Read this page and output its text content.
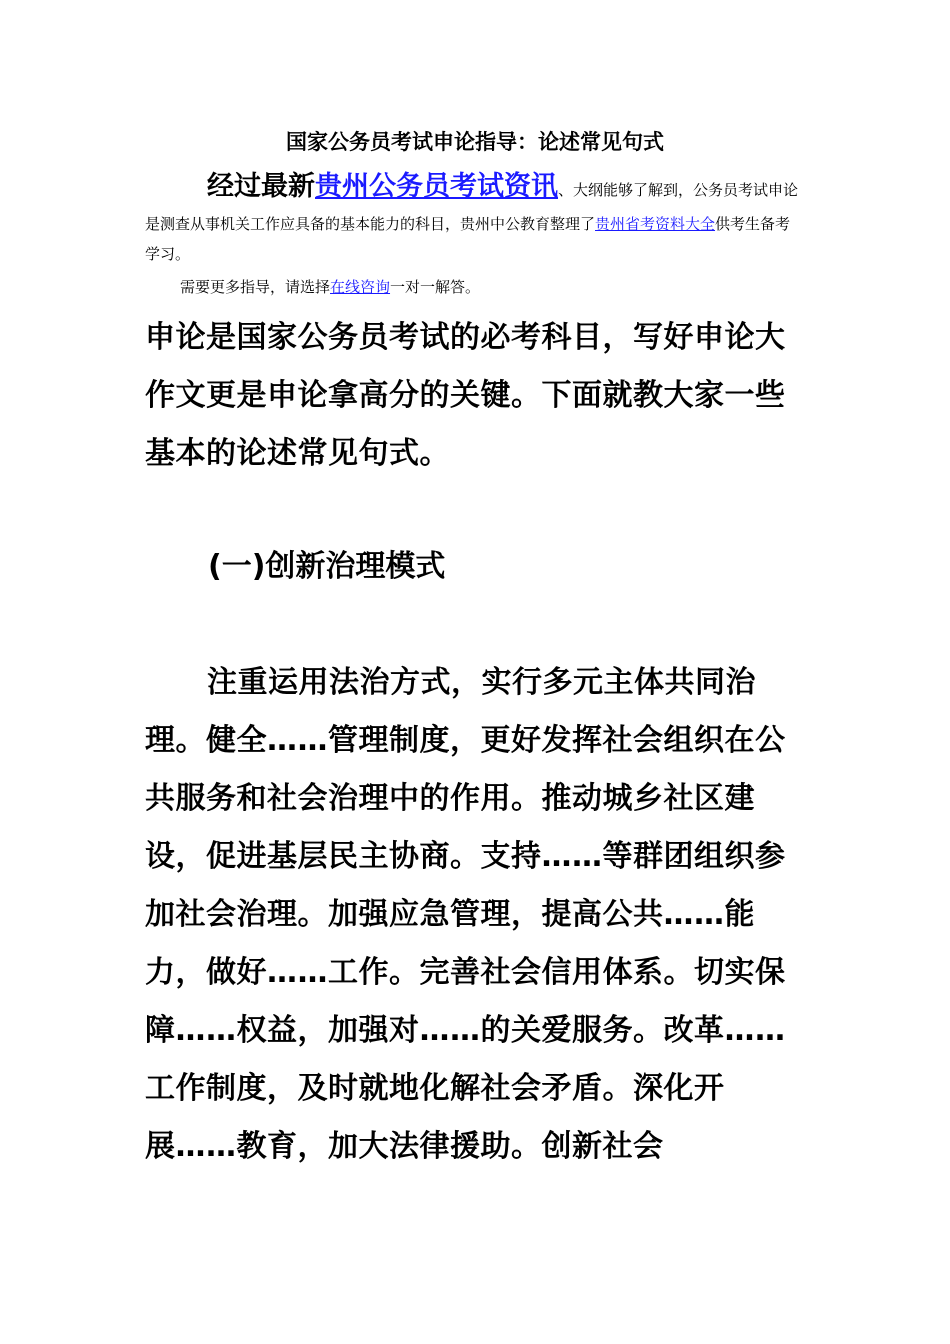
国家公务员考试申论指导：论述常见句式
经过最新贵州公务员考试资讯、大纲能够了解到，公务员考试申论是测查从事机关工作应具备的基本能力的科目，贵州中公教育整理了贵州省考资料大全供考生备考学习。
需要更多指导，请选择在线咨询一对一解答。
申论是国家公务员考试的必考科目，写好申论大作文更是申论拿高分的关键。下面就教大家一些基本的论述常见句式。
(一)创新治理模式
注重运用法治方式，实行多元主体共同治理。健全……管理制度，更好发挥社会组织在公共服务和社会治理中的作用。推动城乡社区建设，促进基层民主协商。支持……等群团组织参加社会治理。加强应急管理，提高公共……能力，做好……工作。完善社会信用体系。切实保障……权益，加强对……的关爱服务。改革……工作制度，及时就地化解社会矛盾。深化开展……教育，加大法律援助。创新社会
